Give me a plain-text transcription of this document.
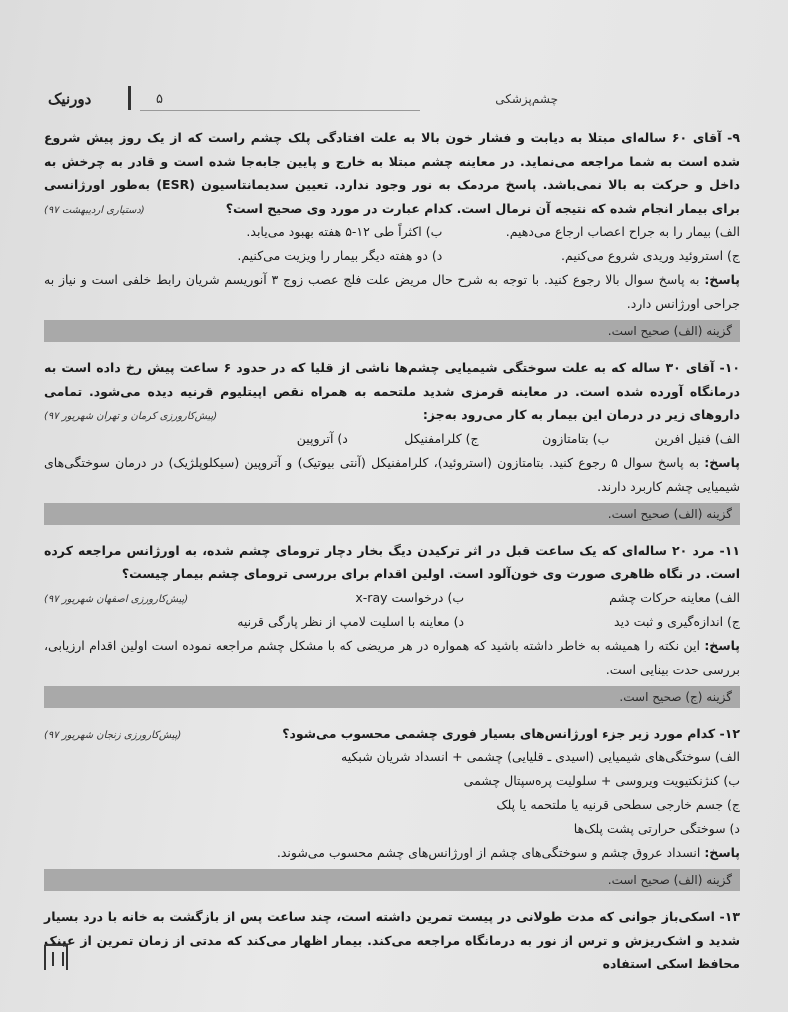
دورنیک	۵	چشم‌پزشکی

۹- آقای ۶۰ ساله‌ای مبتلا به دیابت و فشار خون بالا به علت افتادگی پلک چشم راست که از یک روز پیش شروع شده است به شما مراجعه می‌نماید. در معاینه چشم مبتلا به خارج و پایین جابه‌جا شده است و قادر به چرخش به داخل و حرکت به بالا نمی‌باشد. پاسخ مردمک به نور وجود ندارد. تعیین سدیمانتاسیون (ESR) به‌طور اورژانسی برای بیمار انجام شده که نتیجه آن نرمال است. کدام عبارت در مورد وی صحیح است؟
(دستیاری اردیبهشت ۹۷)

الف) بیمار را به جراح اعصاب ارجاع می‌دهیم.
ب) اکثراً طی ۱۲-۵ هفته بهبود می‌یابد.
ج) استروئید وریدی شروع می‌کنیم.
د) دو هفته دیگر بیمار را ویزیت می‌کنیم.

پاسخ: به پاسخ سوال بالا رجوع کنید. با توجه به شرح حال مریض علت فلج عصب زوج ۳ آنوریسم شریان رابط خلفی است و نیاز به جراحی اورژانس دارد.

گزینه (الف) صحیح است.

۱۰- آقای ۳۰ ساله که به علت سوختگی شیمیایی چشم‌ها ناشی از قلیا که در حدود ۶ ساعت پیش رخ داده است به درمانگاه آورده شده است. در معاینه قرمزی شدید ملتحمه به همراه نقص اپیتلیوم قرنیه دیده می‌شود. تمامی داروهای زیر در درمان این بیمار به کار می‌رود به‌جز:
(پیش‌کارورزی کرمان و تهران شهریور ۹۷)

الف) فنیل افرین
ب) بتامتازون
ج) کلرامفنیکل
د) آتروپین

پاسخ: به پاسخ سوال ۵ رجوع کنید. بتامتازون (استروئید)، کلرامفنیکل (آنتی بیوتیک) و آتروپین (سیکلوپلژیک) در درمان سوختگی‌های شیمیایی چشم کاربرد دارند.

گزینه (الف) صحیح است.

۱۱- مرد ۲۰ ساله‌ای که یک ساعت قبل در اثر ترکیدن دیگ بخار دچار ترومای چشم شده، به اورژانس مراجعه کرده است. در نگاه ظاهری صورت وی خون‌آلود است. اولین اقدام برای بررسی ترومای چشم بیمار چیست؟
(پیش‌کارورزی اصفهان شهریور ۹۷)	الف) معاینه حرکات چشم
ب) درخواست x-ray
ج) اندازه‌گیری و ثبت دید
د) معاینه با اسلیت لامپ از نظر پارگی قرنیه

پاسخ: این نکته را همیشه به خاطر داشته باشید که همواره در هر مریضی که با مشکل چشم مراجعه نموده است اولین اقدام ارزیابی، بررسی حدت بینایی است.

گزینه (ج) صحیح است.

۱۲- کدام مورد زیر جزء اورژانس‌های بسیار فوری چشمی محسوب می‌شود؟
(پیش‌کارورزی زنجان شهریور ۹۷)

الف) سوختگی‌های شیمیایی (اسیدی ـ قلیایی) چشمی + انسداد شریان شبکیه
ب) کنژنکتیویت ویروسی + سلولیت پره‌سپتال چشمی
ج) جسم خارجی سطحی قرنیه یا ملتحمه یا پلک
د) سوختگی حرارتی پشت پلک‌ها

پاسخ: انسداد عروق چشم و سوختگی‌های چشم از اورژانس‌های چشم محسوب می‌شوند.

گزینه (الف) صحیح است.

۱۳- اسکی‌باز جوانی که مدت طولانی در پیست تمرین داشته است، چند ساعت پس از بازگشت به خانه با درد بسیار شدید و اشک‌ریزش و ترس از نور به درمانگاه مراجعه می‌کند. بیمار اظهار می‌کند که مدتی از زمان تمرین از عینک محافظ اسکی استفاده
